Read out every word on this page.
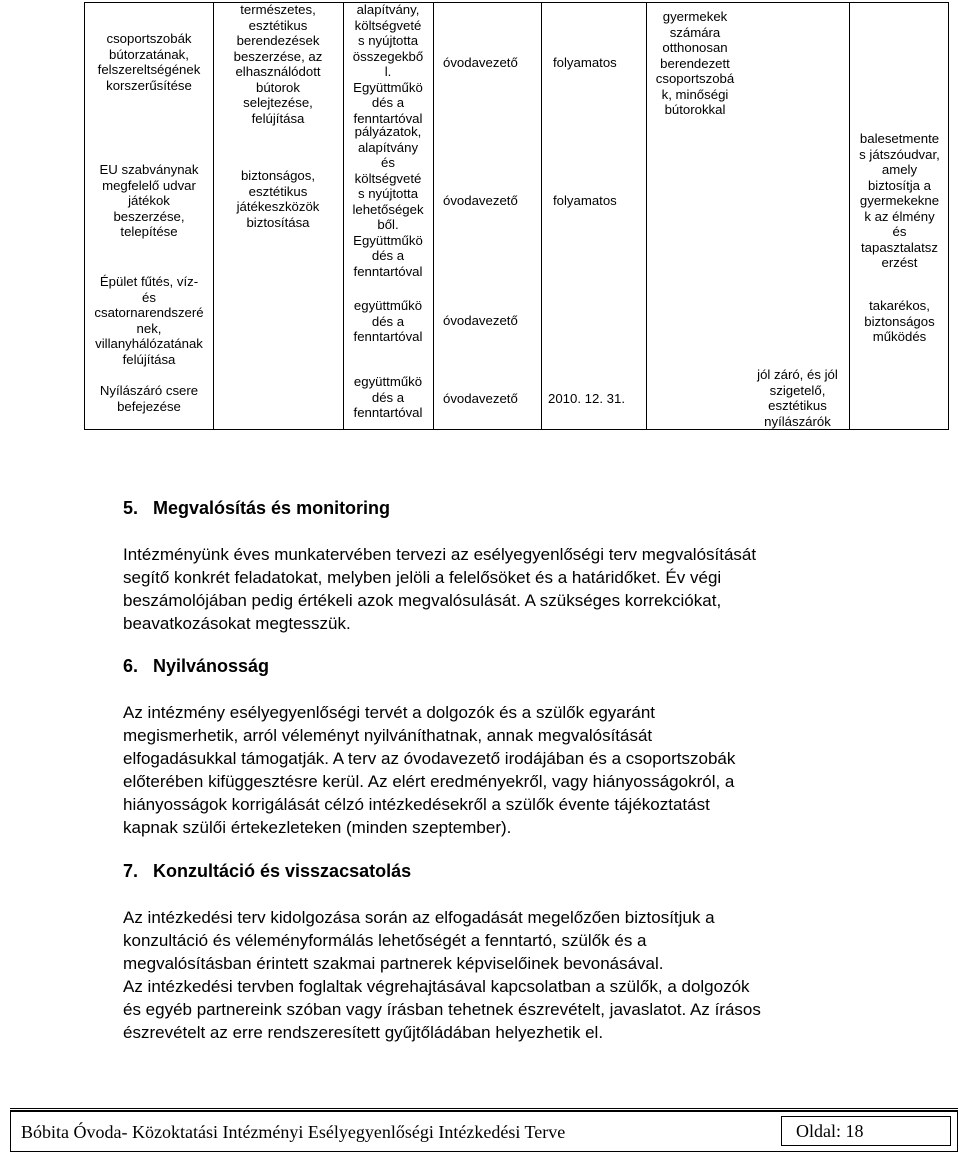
csoportszobák
bútorzatának,
felszereltségének
korszerűsítése
EU szabványnak
megfelelő udvar
játékok
beszerzése,
telepítése
Épület fűtés, víz-
és
csatornarendszeré
nek,
villanyhálózatának
felújítása
Nyílászáró csere
befejezése
természetes,
esztétikus
berendezések
beszerzése, az
elhasználódott
bútorok
selejtezése,
felújítása
biztonságos,
esztétikus
játékeszközök
biztosítása
alapítvány,
költségveté
s nyújtotta
összegekbő
l.
Együttműkö
dés a
fenntartóval
pályázatok,
alapítvány
és
költségveté
s nyújtotta
lehetőségek
ből.
Együttműkö
dés a
fenntartóval
együttműkö
dés a
fenntartóval
együttműkö
dés a
fenntartóval
óvodavezető
óvodavezető
óvodavezető
óvodavezető
folyamatos
folyamatos
2010. 12. 31.
gyermekek
számára
otthonosan
berendezett
csoportszobá
k, minőségi
bútorokkal
jól záró, és jól
szigetelő,
esztétikus
nyílászárók
balesetmente
s játszóudvar,
amely
biztosítja a
gyermekekne
k az élmény
és
tapasztalatsz
erzést
takarékos,
biztonságos
működés
5. Megvalósítás és monitoring
Intézményünk éves munkatervében tervezi az esélyegyenlőségi terv megvalósítását
segítő konkrét feladatokat, melyben jelöli a felelősöket és a határidőket. Év végi
beszámolójában pedig értékeli azok megvalósulását. A szükséges korrekciókat,
beavatkozásokat megtesszük.
6. Nyilvánosság
Az intézmény esélyegyenlőségi tervét a dolgozók és a szülők egyaránt
megismerhetik, arról véleményt nyilváníthatnak, annak megvalósítását
elfogadásukkal támogatják. A terv az óvodavezető irodájában és a csoportszobák
előterében kifüggesztésre kerül. Az elért eredményekről, vagy hiányosságokról, a
hiányosságok korrigálását célzó intézkedésekről a szülők évente tájékoztatást
kapnak szülői értekezleteken (minden szeptember).
7. Konzultáció és visszacsatolás
Az intézkedési terv kidolgozása során az elfogadását megelőzően biztosítjuk a
konzultáció és véleményformálás lehetőségét a fenntartó, szülők és a
megvalósításban érintett szakmai partnerek képviselőinek bevonásával.
Az intézkedési tervben foglaltak végrehajtásával kapcsolatban a szülők, a dolgozók
és egyéb partnereink szóban vagy írásban tehetnek észrevételt, javaslatot. Az írásos
észrevételt az erre rendszeresített gyűjtőládában helyezhetik el.
Bóbita Óvoda- Közoktatási Intézményi Esélyegyenlőségi Intézkedési Terve	Oldal: 18
